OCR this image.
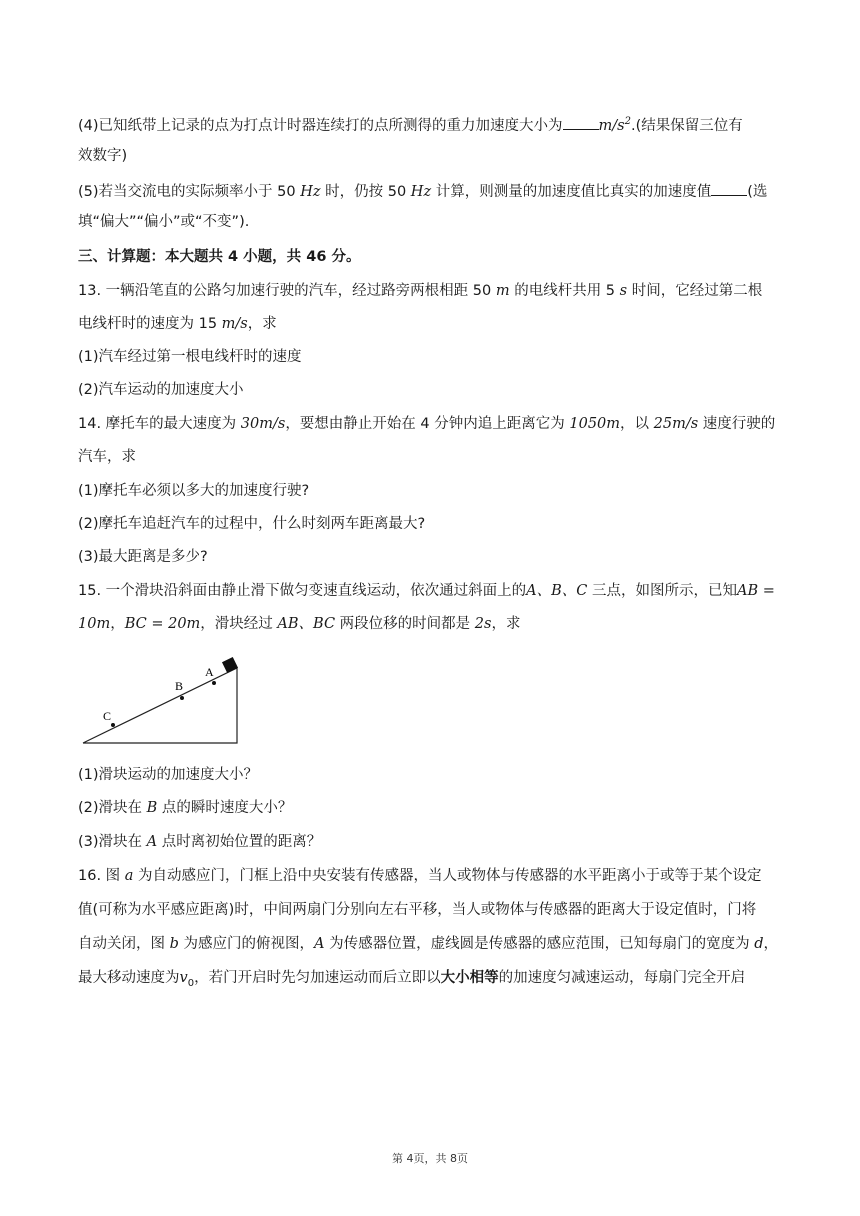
(4)已知纸带上记录的点为打点计时器连续打的点所测得的重力加速度大小为 $m/s^2$.(结果保留三位有
效数字)
(5)若当交流电的实际频率小于 50 Hz 时，仍按 50 Hz 计算，则测量的加速度值比真实的加速度值 (选
填“偏大”“偏小”或“不变”).
三、计算题：本大题共 4 小题，共 46 分。
13. 一辆沿笔直的公路匀加速行驶的汽车，经过路旁两根相距 50 m 的电线杆共用 5 s 时间，它经过第二根
电线杆时的速度为 15 m/s，求
(1)汽车经过第一根电线杆时的速度
(2)汽车运动的加速度大小
14. 摩托车的最大速度为 30m/s，要想由静止开始在 4 分钟内追上距离它为 1050m，以 25m/s 速度行驶的
汽车，求
(1)摩托车必须以多大的加速度行驶?
(2)摩托车追赶汽车的过程中，什么时刻两车距离最大?
(3)最大距离是多少?
15. 一个滑块沿斜面由静止滑下做匀变速直线运动，依次通过斜面上的A、B、C 三点，如图所示，已知AB =
10m，BC = 20m，滑块经过 AB、BC 两段位移的时间都是 2s，求
A
B
C
(1)滑块运动的加速度大小？
(2)滑块在 B 点的瞬时速度大小？
(3)滑块在 A 点时离初始位置的距离？
16. 图 a 为自动感应门，门框上沿中央安装有传感器，当人或物体与传感器的水平距离小于或等于某个设定
值(可称为水平感应距离)时，中间两扇门分别向左右平移，当人或物体与传感器的距离大于设定值时，门将
自动关闭，图 b 为感应门的俯视图，A 为传感器位置，虚线圆是传感器的感应范围，已知每扇门的宽度为 d，
最大移动速度为$v_0$，若门开启时先匀加速运动而后立即以大小相等的加速度匀减速运动，每扇门完全开启
第 4页，共 8页
